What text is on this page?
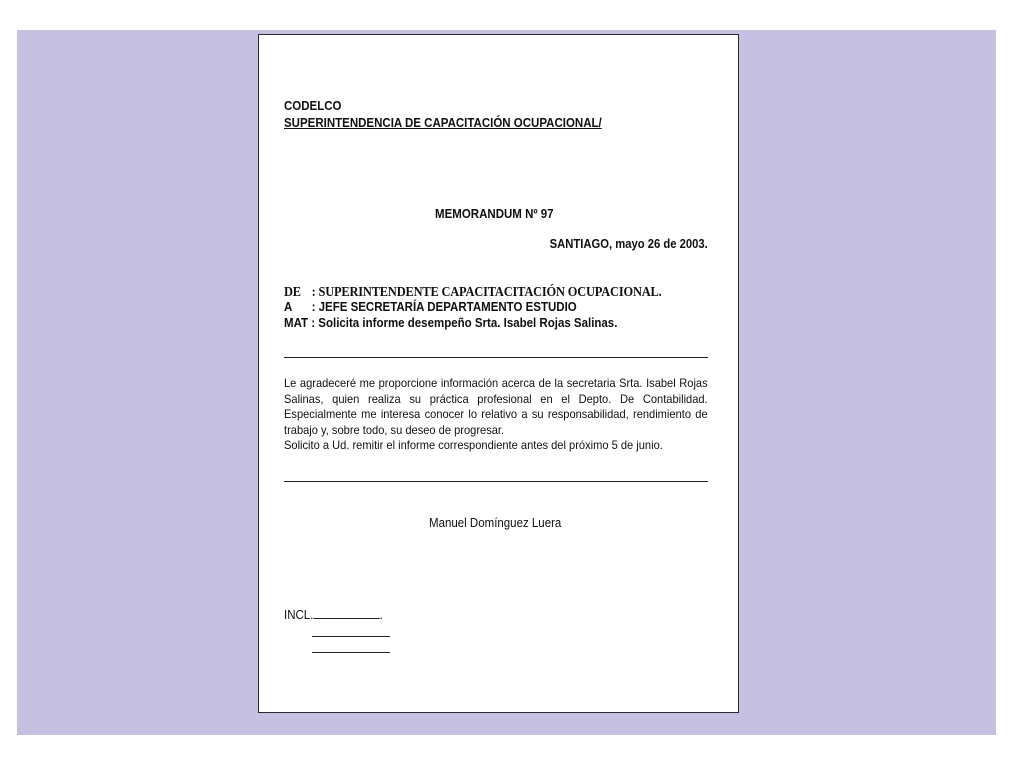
CODELCO
SUPERINTENDENCIA DE CAPACITACIÓN OCUPACIONAL/
MEMORANDUM Nº 97
SANTIAGO, mayo 26 de 2003.
DE : SUPERINTENDENTE CAPACITACITACIÓN OCUPACIONAL.
A : JEFE SECRETARÍA DEPARTAMENTO ESTUDIO
MAT : Solicita informe desempeño Srta. Isabel Rojas Salinas.

Le agradeceré me proporcione información acerca de la secretaria Srta. Isabel Rojas Salinas, quien realiza su práctica profesional en el Depto. De Contabilidad. Especialmente me interesa conocer lo relativo a su responsabilidad, rendimiento de trabajo y, sobre todo, su deseo de progresar.

Solicito a Ud. remitir el informe correspondiente antes del próximo 5 de junio.

Manuel Domínguez Luera
INCL.	.
